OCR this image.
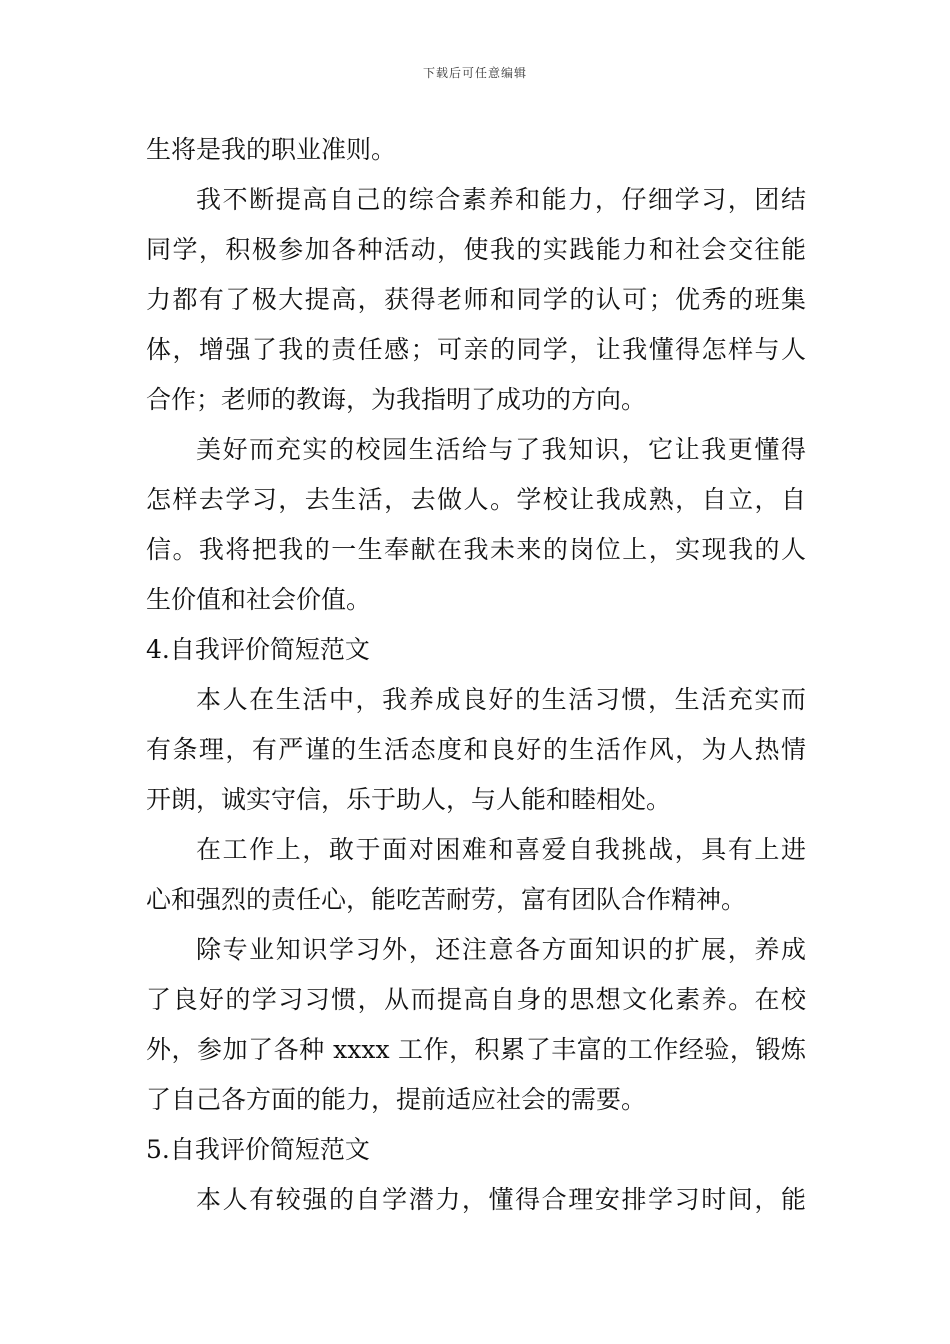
下载后可任意编辑
生将是我的职业准则。
我不断提高自己的综合素养和能力，仔细学习，团结
同学，积极参加各种活动，使我的实践能力和社会交往能
力都有了极大提高，获得老师和同学的认可；优秀的班集
体，增强了我的责任感；可亲的同学，让我懂得怎样与人
合作；老师的教诲，为我指明了成功的方向。
美好而充实的校园生活给与了我知识，它让我更懂得
怎样去学习，去生活，去做人。学校让我成熟，自立，自
信。我将把我的一生奉献在我未来的岗位上，实现我的人
生价值和社会价值。
4.自我评价简短范文
本人在生活中，我养成良好的生活习惯，生活充实而
有条理，有严谨的生活态度和良好的生活作风，为人热情
开朗，诚实守信，乐于助人，与人能和睦相处。
在工作上，敢于面对困难和喜爱自我挑战，具有上进
心和强烈的责任心，能吃苦耐劳，富有团队合作精神。
除专业知识学习外，还注意各方面知识的扩展，养成
了良好的学习习惯，从而提高自身的思想文化素养。在校
外，参加了各种 xxxx 工作，积累了丰富的工作经验，锻炼
了自己各方面的能力，提前适应社会的需要。
5.自我评价简短范文
本人有较强的自学潜力，懂得合理安排学习时间，能
